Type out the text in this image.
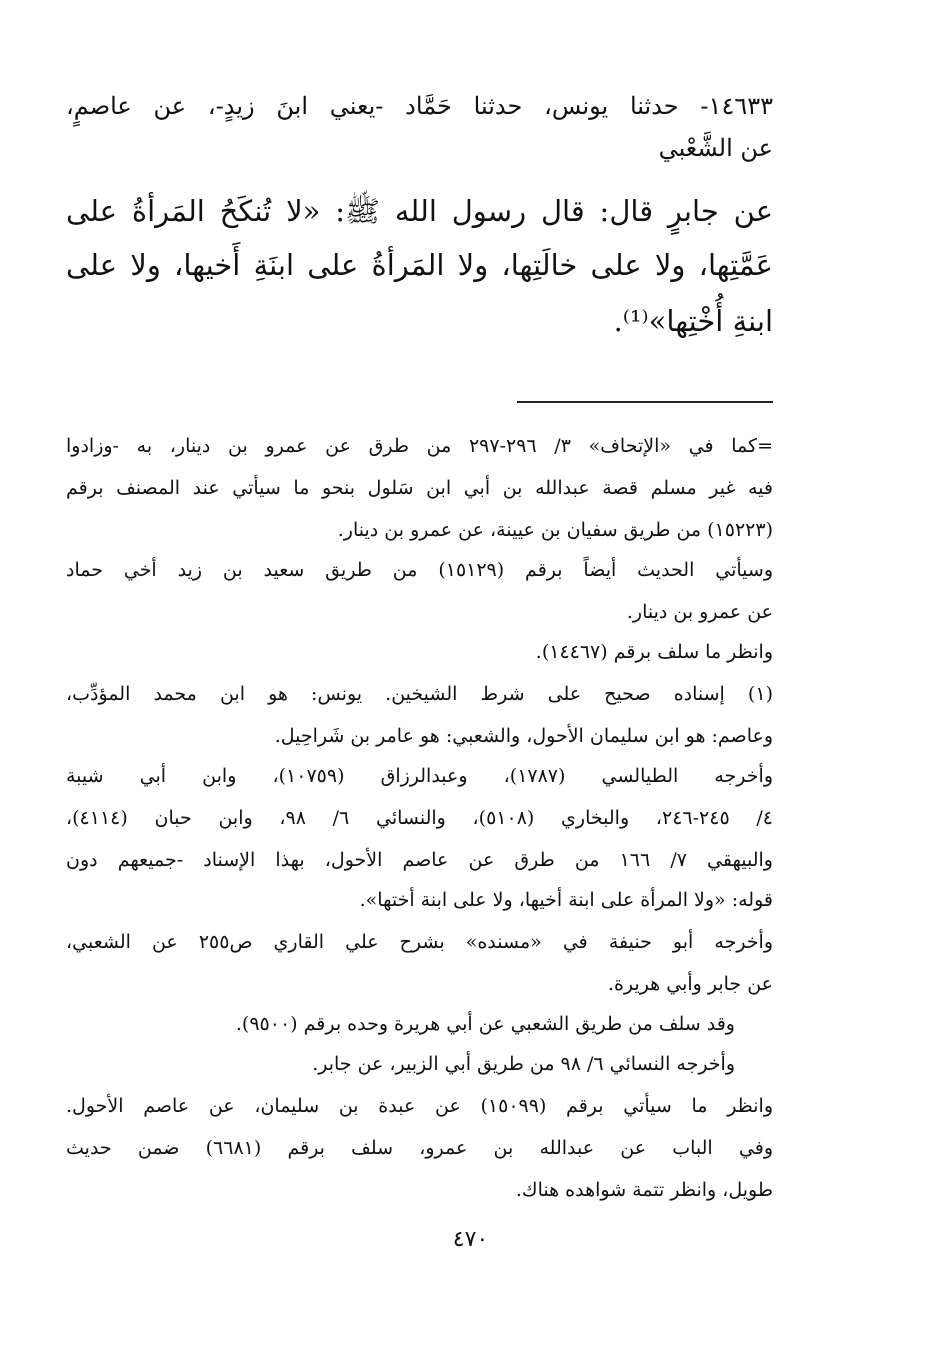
١٤٦٣٣- حدثنا يونس، حدثنا حَمَّاد -يعني ابنَ زيدٍ-، عن عاصمٍ،
عن الشَّعْبي
عن جابرٍ قال: قال رسول الله ﷺ: «لا تُنكَحُ المَرأةُ على
عَمَّتِها، ولا على خالَتِها، ولا المَرأةُ على ابنَةِ أَخيها، ولا على
ابنةِ أُخْتِها»⁽¹⁾.
=كما في «الإتحاف» ٣/ ٢٩٦-٢٩٧ من طرق عن عمرو بن دينار، به -وزادوا
فيه غير مسلم قصة عبدالله بن أبي ابن سَلول بنحو ما سيأتي عند المصنف برقم
(١٥٢٢٣) من طريق سفيان بن عيينة، عن عمرو بن دينار.
وسيأتي الحديث أيضاً برقم (١٥١٢٩) من طريق سعيد بن زيد أخي حماد
عن عمرو بن دينار.
وانظر ما سلف برقم (١٤٤٦٧).
(١) إسناده صحيح على شرط الشيخين. يونس: هو ابن محمد المؤدِّب،
وعاصم: هو ابن سليمان الأحول، والشعبي: هو عامر بن شَراحِيل.
وأخرجه الطيالسي (١٧٨٧)، وعبدالرزاق (١٠٧٥٩)، وابن أبي شيبة
٤/ ٢٤٥-٢٤٦، والبخاري (٥١٠٨)، والنسائي ٦/ ٩٨، وابن حبان (٤١١٤)،
والبيهقي ٧/ ١٦٦ من طرق عن عاصم الأحول، بهذا الإسناد -جميعهم دون
قوله: «ولا المرأة على ابنة أخيها، ولا على ابنة أختها».
وأخرجه أبو حنيفة في «مسنده» بشرح علي القاري ص٢٥٥ عن الشعبي،
عن جابر وأبي هريرة.
وقد سلف من طريق الشعبي عن أبي هريرة وحده برقم (٩٥٠٠).
وأخرجه النسائي ٦/ ٩٨ من طريق أبي الزبير، عن جابر.
وانظر ما سيأتي برقم (١٥٠٩٩) عن عبدة بن سليمان، عن عاصم الأحول.
وفي الباب عن عبدالله بن عمرو، سلف برقم (٦٦٨١) ضمن حديث
طويل، وانظر تتمة شواهده هناك.
٤٧٠
